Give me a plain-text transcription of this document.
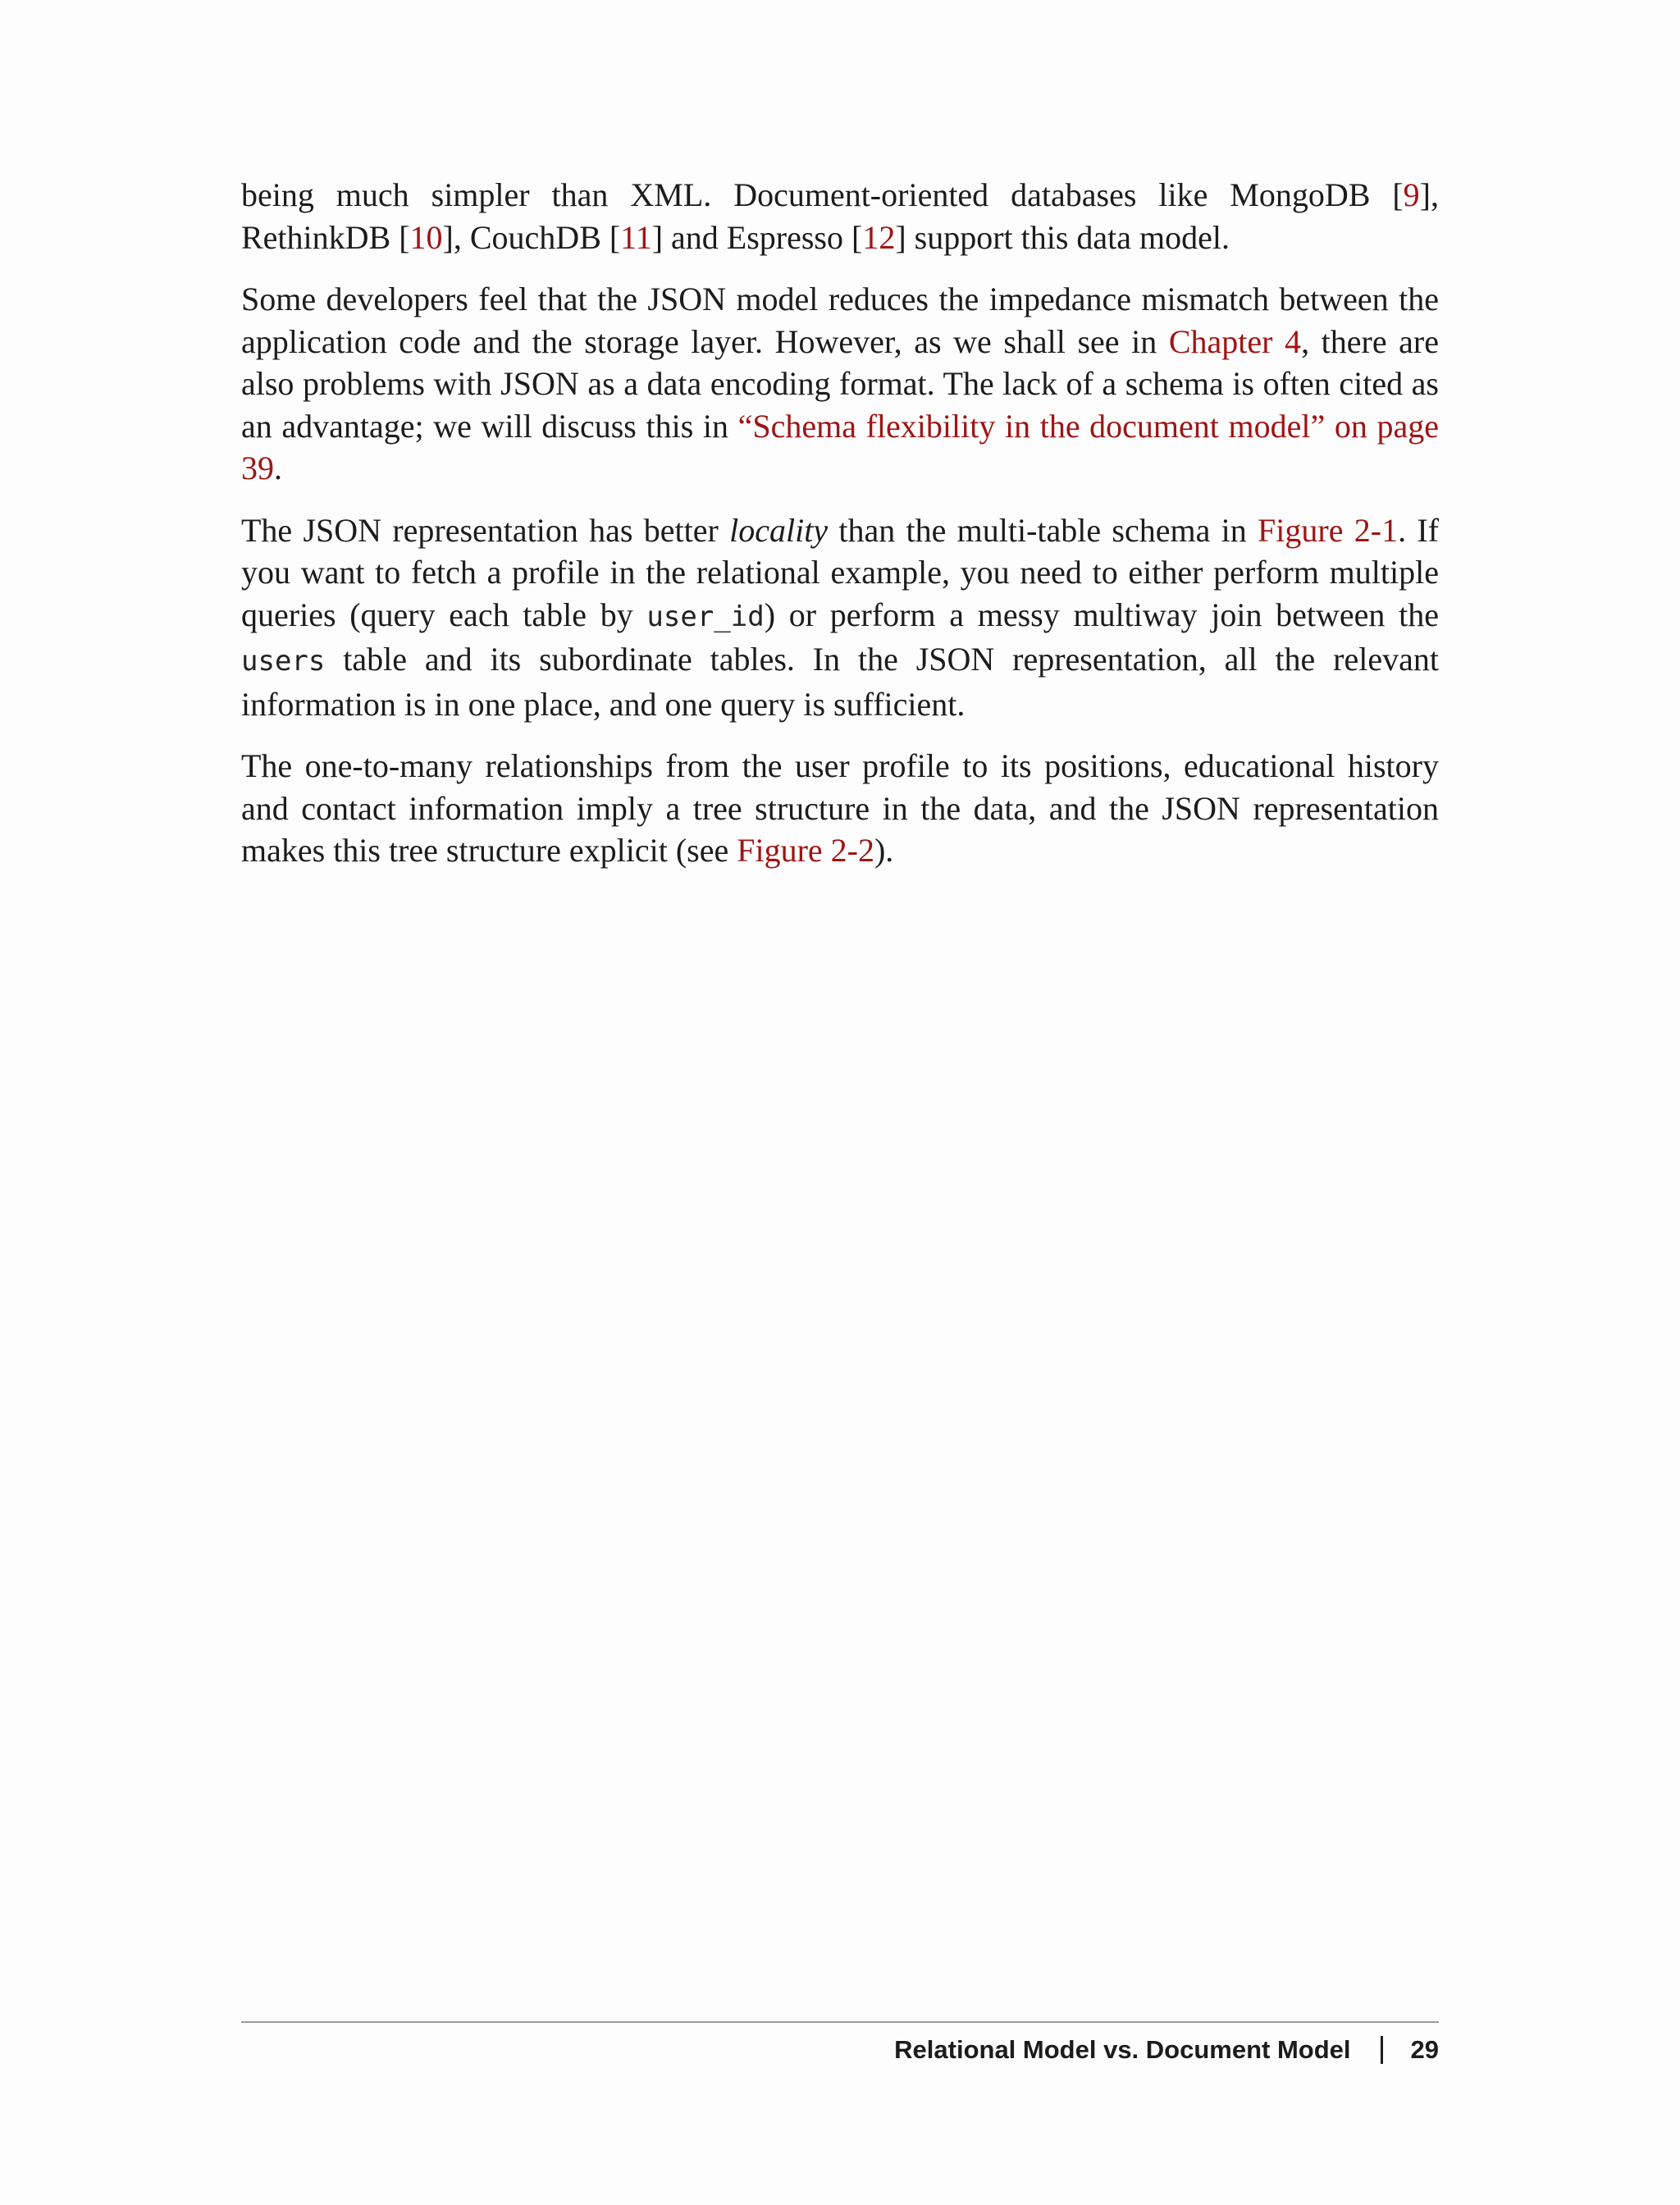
being much simpler than XML. Document-oriented databases like MongoDB [9], RethinkDB [10], CouchDB [11] and Espresso [12] support this data model.

Some developers feel that the JSON model reduces the impedance mismatch between the application code and the storage layer. However, as we shall see in Chapter 4, there are also problems with JSON as a data encoding format. The lack of a schema is often cited as an advantage; we will discuss this in “Schema flexibility in the document model” on page 39.

The JSON representation has better locality than the multi-table schema in Figure 2-1. If you want to fetch a profile in the relational example, you need to either perform multiple queries (query each table by user_id) or perform a messy multiway join between the users table and its subordinate tables. In the JSON representation, all the relevant information is in one place, and one query is sufficient.

The one-to-many relationships from the user profile to its positions, educational history and contact information imply a tree structure in the data, and the JSON representation makes this tree structure explicit (see Figure 2-2).

Relational Model vs. Document Model 29
